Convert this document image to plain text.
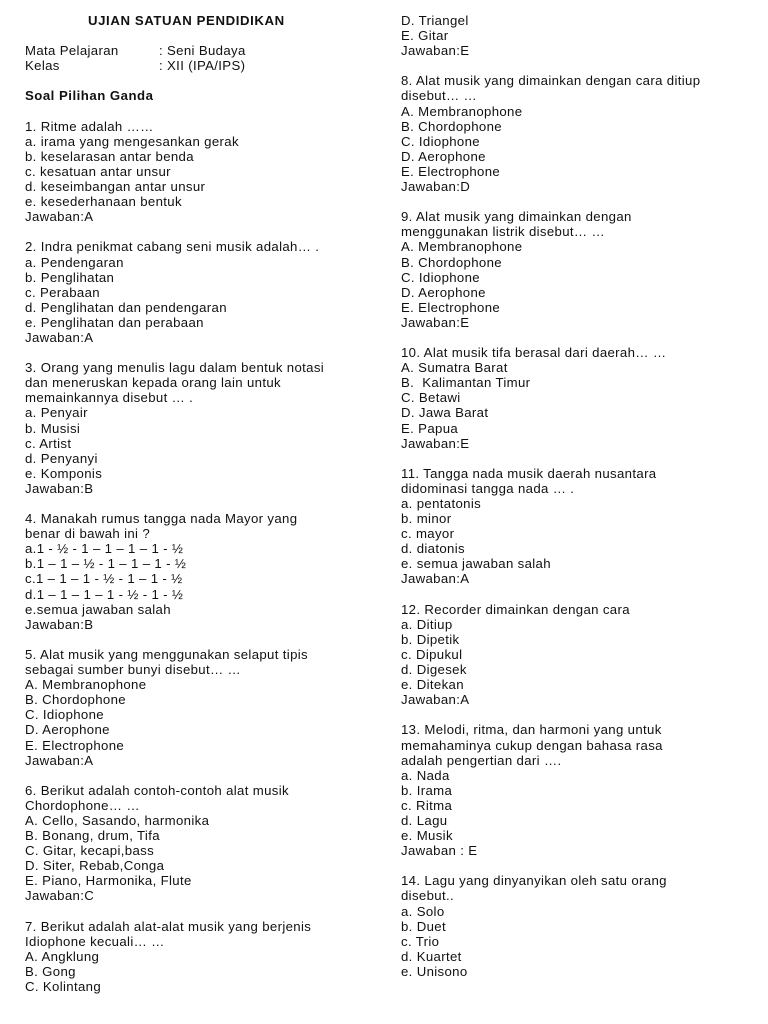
UJIAN SATUAN PENDIDIKAN
Mata Pelajaran	: Seni Budaya
Kelas	: XII (IPA/IPS)
Soal Pilihan Ganda
1. Ritme adalah ……
a. irama yang mengesankan gerak
b. keselarasan antar benda
c. kesatuan antar unsur
d. keseimbangan antar unsur
e. kesederhanaan bentuk
Jawaban:A
2. Indra penikmat cabang seni musik adalah… .
a. Pendengaran
b. Penglihatan
c. Perabaan
d. Penglihatan dan pendengaran
e. Penglihatan dan perabaan
Jawaban:A
3. Orang yang menulis lagu dalam bentuk notasi
dan meneruskan kepada orang lain untuk
memainkannya disebut … .
a. Penyair
b. Musisi
c. Artist
d. Penyanyi
e. Komponis
Jawaban:B
4. Manakah rumus tangga nada Mayor yang
benar di bawah ini ?
a.1 - ½ - 1 – 1 – 1 – 1 - ½
b.1 – 1 – ½ - 1 – 1 – 1 - ½
c.1 – 1 – 1 - ½ - 1 – 1 - ½
d.1 – 1 – 1 – 1 - ½ - 1 - ½
e.semua jawaban salah
Jawaban:B
5. Alat musik yang menggunakan selaput tipis
sebagai sumber bunyi disebut… …
A. Membranophone
B. Chordophone
C. Idiophone
D. Aerophone
E. Electrophone
Jawaban:A
6. Berikut adalah contoh-contoh alat musik
Chordophone… …
A. Cello, Sasando, harmonika
B. Bonang, drum, Tifa
C. Gitar, kecapi,bass
D. Siter, Rebab,Conga
E. Piano, Harmonika, Flute
Jawaban:C
7. Berikut adalah alat-alat musik yang berjenis
Idiophone kecuali… …
A. Angklung
B. Gong
C. Kolintang
D. Triangel
E. Gitar
Jawaban:E
8. Alat musik yang dimainkan dengan cara ditiup
disebut… …
A. Membranophone
B. Chordophone
C. Idiophone
D. Aerophone
E. Electrophone
Jawaban:D
9. Alat musik yang dimainkan dengan
menggunakan listrik disebut… …
A. Membranophone
B. Chordophone
C. Idiophone
D. Aerophone
E. Electrophone
Jawaban:E
10. Alat musik tifa berasal dari daerah… …
A. Sumatra Barat
B.  Kalimantan Timur
C. Betawi
D. Jawa Barat
E. Papua
Jawaban:E
11. Tangga nada musik daerah nusantara
didominasi tangga nada … .
a. pentatonis
b. minor
c. mayor
d. diatonis
e. semua jawaban salah
Jawaban:A
12. Recorder dimainkan dengan cara
a. Ditiup
b. Dipetik
c. Dipukul
d. Digesek
e. Ditekan
Jawaban:A
13. Melodi, ritma, dan harmoni yang untuk
memahaminya cukup dengan bahasa rasa
adalah pengertian dari ….
a. Nada
b. Irama
c. Ritma
d. Lagu
e. Musik
Jawaban : E
14. Lagu yang dinyanyikan oleh satu orang
disebut..
a. Solo
b. Duet
c. Trio
d. Kuartet
e. Unisono
